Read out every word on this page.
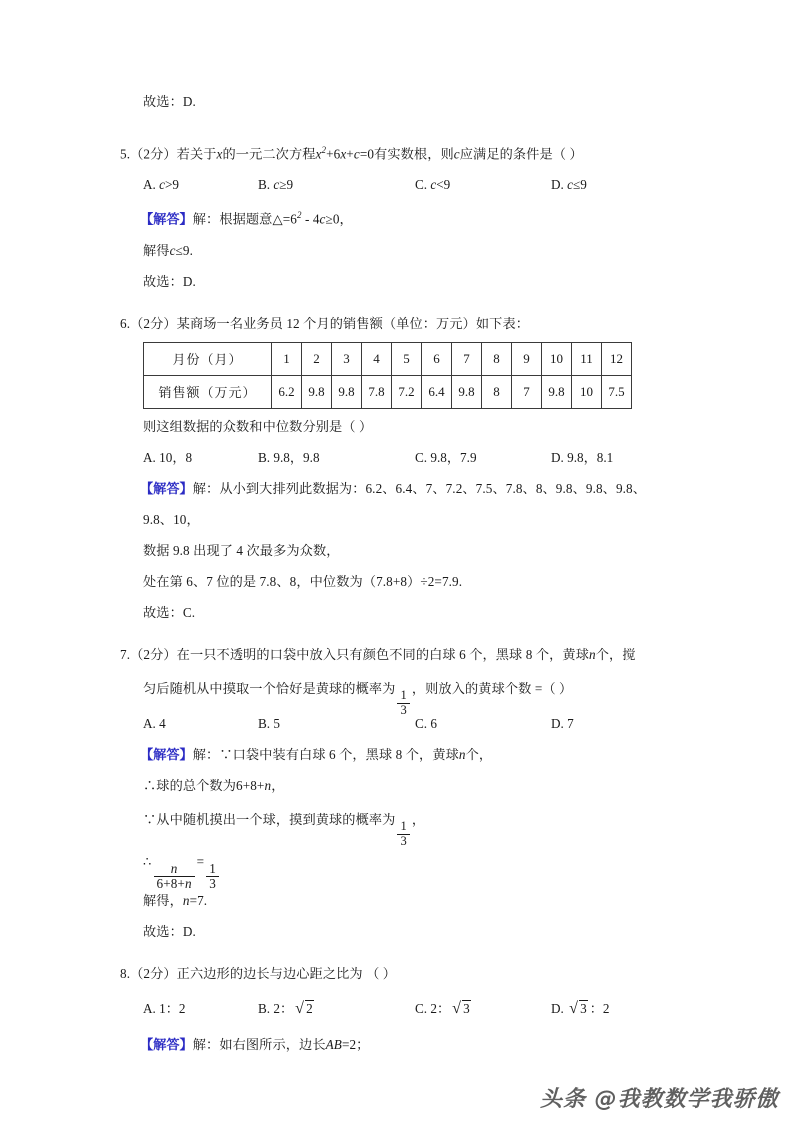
故选：D.
5.（2分）若关于x的一元二次方程$x^2+6x+c=0$有实数根，则c应满足的条件是（ ）
A. c>9	B. c≥9	C. c<9	D. c≤9
【解答】解：根据题意$\triangle=6^2 - 4c\ge 0$，
解得c≤9.
故选：D.
6.（2分）某商场一名业务员 12 个月的销售额（单位：万元）如下表：
月份（月）	1	2	3	4	5	6	7	8	9	10	11	12
销售额（万元）	6.2	9.8	9.8	7.8	7.2	6.4	9.8	8	7	9.8	10	7.5
则这组数据的众数和中位数分别是（ ）
A. 10，8	B. 9.8，9.8	C. 9.8，7.9	D. 9.8，8.1
【解答】解：从小到大排列此数据为：6.2、6.4、7、7.2、7.5、7.8、8、9.8、9.8、9.8、
9.8、10，
数据 9.8 出现了 4 次最多为众数，
处在第 6、7 位的是 7.8、8，中位数为（7.8+8）÷2=7.9.
故选：C.
7.（2分）在一只不透明的口袋中放入只有颜色不同的白球 6 个，黑球 8 个，黄球n个，搅
匀后随机从中摸取一个恰好是黄球的概率为
$\frac{1}{3}$
，则放入的黄球个数 =（ ）
A. 4	B. 5	C. 6	D. 7
【解答】解：∵口袋中装有白球 6 个，黑球 8 个，黄球n个，
∴球的总个数为6+8+n，
∵从中随机摸出一个球，摸到黄球的概率为
$\frac{1}{3}$
，
∴
$\frac{n}{6+8+n}$
=
$\frac{1}{3}$
解得，n=7.
故选：D.
8.（2分）正六边形的边长与边心距之比为 （ ）
A. 1：2	B. 2： √ 2	C. 2： √ 3	D. √ 3 ：2
【解答】解：如右图所示，边长AB=2；
头条 @我教数学我骄傲
